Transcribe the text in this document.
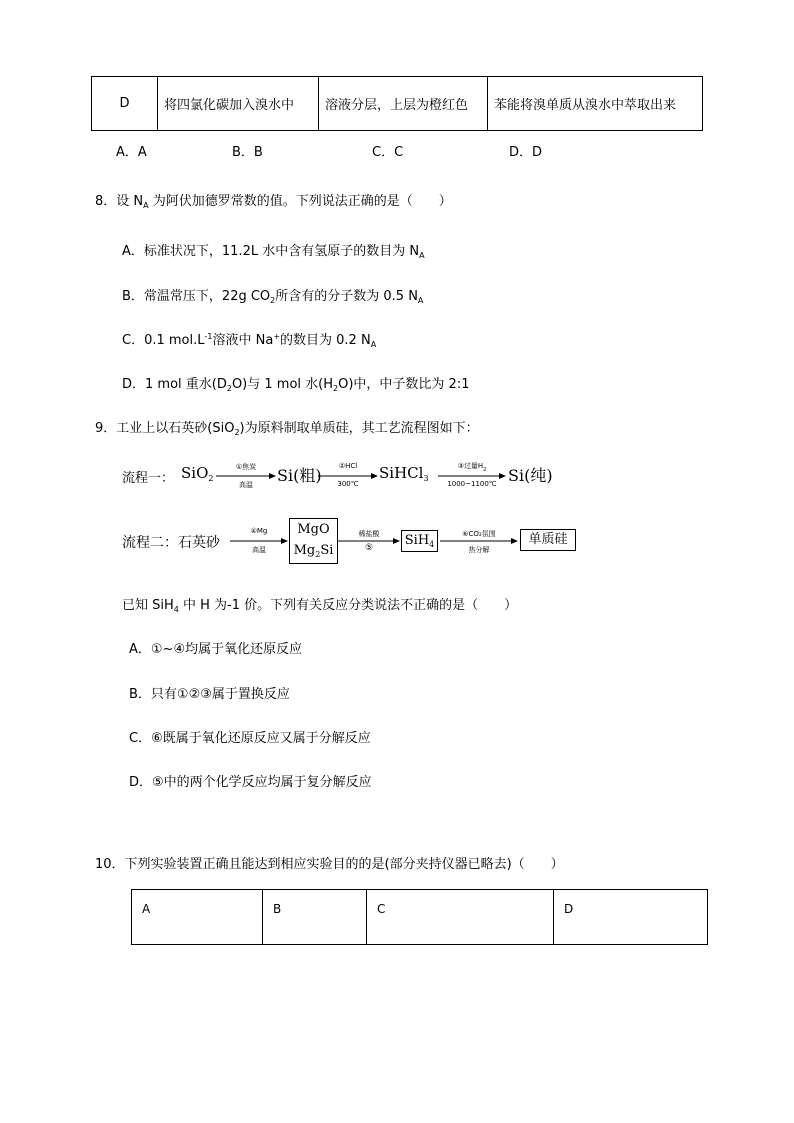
D	将四氯化碳加入溴水中	溶液分层，上层为橙红色	苯能将溴单质从溴水中萃取出来
A．A	B．B	C．C	D．D
8．设 $N_A$ 为阿伏加德罗常数的值。下列说法正确的是（　　）
A．标准状况下，11.2L 水中含有氢原子的数目为 $N_A$
B．常温常压下，22g $CO_2$所含有的分子数为 0.5 $N_A$
C．0.1 $mol.L^{-1}$溶液中 Na+的数目为 0.2 $N_A$
D．1 mol 重水$(D_2O)$与 1 mol 水$(H_2O)$中，中子数比为 2:1
9．工业上以石英砂(SiO$_2$)为原料制取单质硅，其工艺流程图如下：
流程一： SiO$_2$
①焦炭
高温	Si(粗)	②HCl
300℃
SiHCl$_3$
③过量$H_2$
1000~1100℃ Si(纯)
流程二：石英砂
④Mg
高温
MgO
$Mg_2Si$
稀盐酸
⑤	SiH$_4$
⑥CO₂氛围
热分解
单质硅
已知 SiH$_4$ 中 H 为-1 价。下列有关反应分类说法不正确的是（　　）
A．①~④均属于氧化还原反应
B．只有①②③属于置换反应
C．⑥既属于氧化还原反应又属于分解反应
D．⑤中的两个化学反应均属于复分解反应
10．下列实验装置正确且能达到相应实验目的的是(部分夹持仪器已略去)（　　）
A	B	C	D
